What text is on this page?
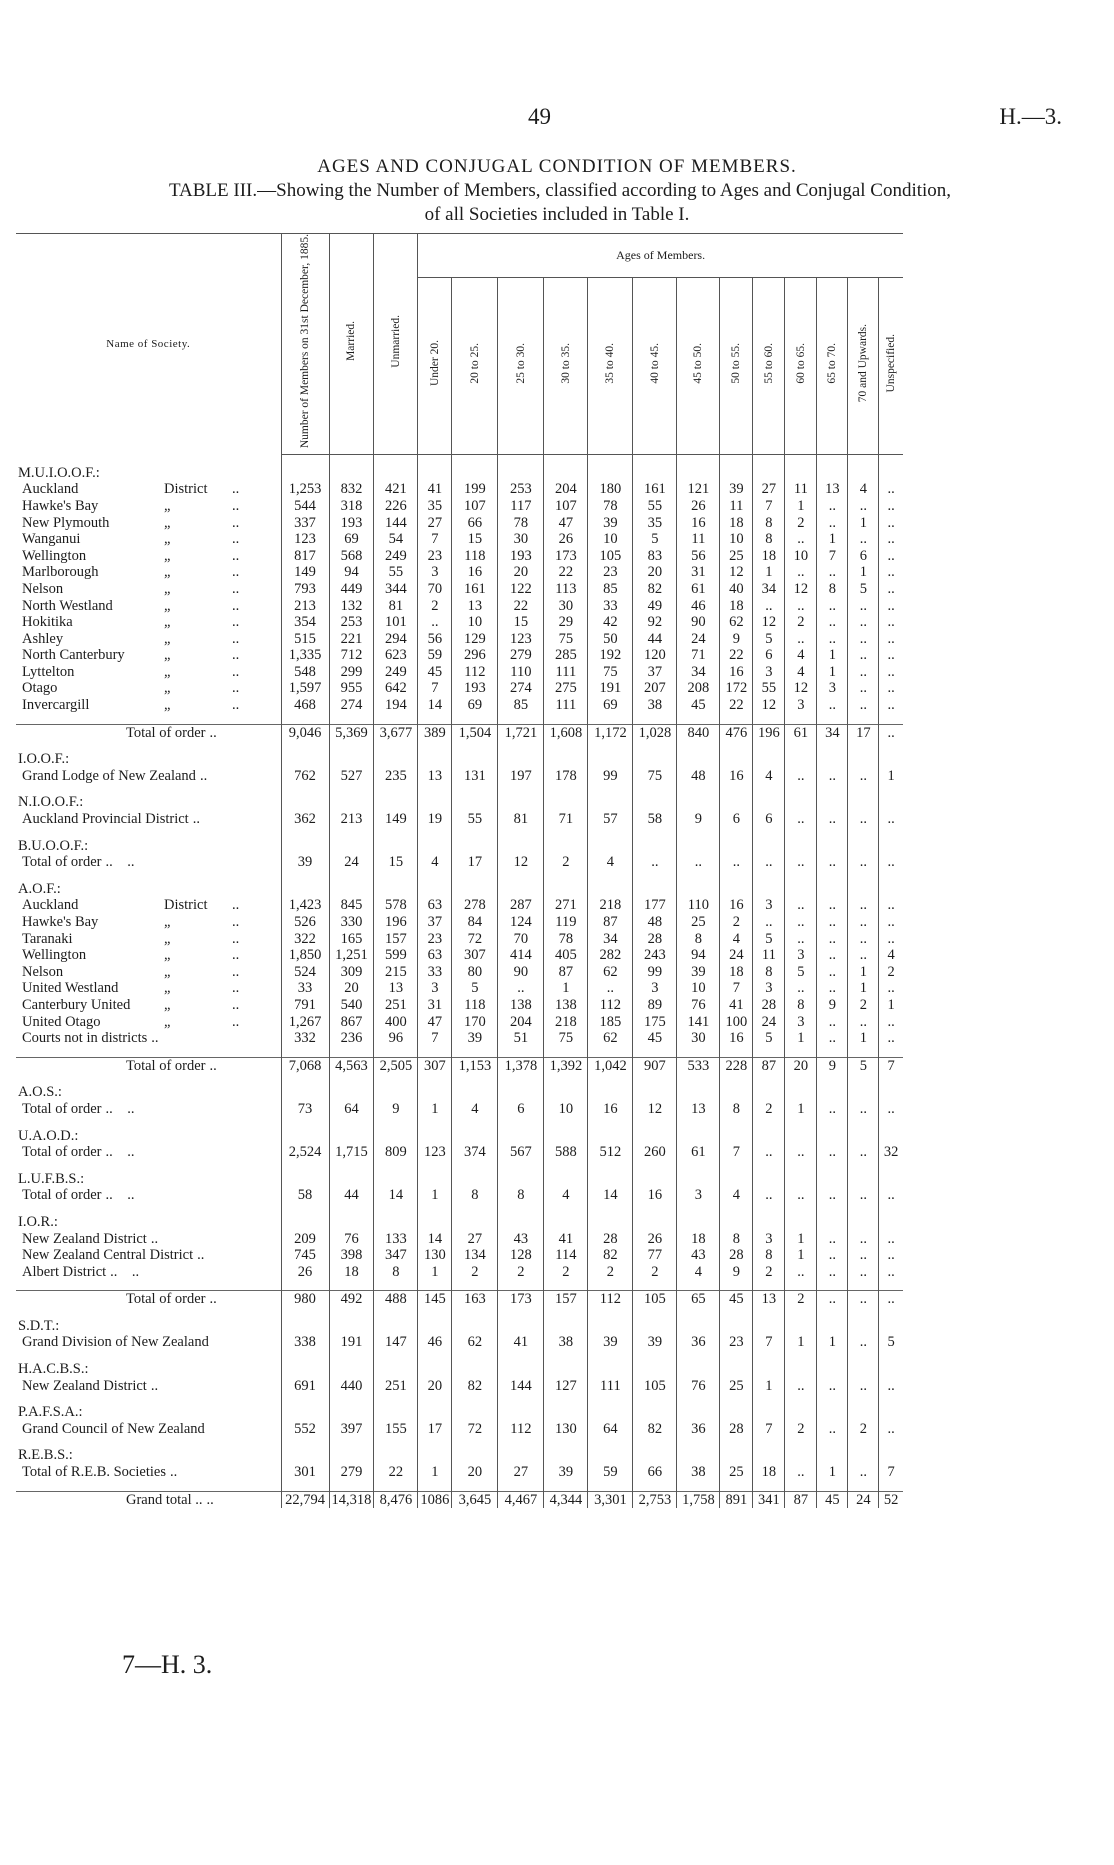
49	H.—3.
AGES AND CONJUGAL CONDITION OF MEMBERS.
TABLE III.—Showing the Number of Members, classified according to Ages and Conjugal Condition,
of all Societies included in Table I.
Name of Society.	Number of Members on 31st December, 1885.	Married.	Unmarried.	Ages of Members.												
				Under 20.	20 to 25.	25 to 30.	30 to 35.	35 to 40.	40 to 45.	45 to 50.	50 to 55.	55 to 60.	60 to 65.	65 to 70.	70 and Upwards.	Unspecified.

M.U.I.O.O.F.:																
Auckland District ..	1,253	832	421	41	199	253	204	180	161	121	39	27	11	13	4	..
Hawke's Bay „ ..	544	318	226	35	107	117	107	78	55	26	11	7	1	..	..	..
New Plymouth „ ..	337	193	144	27	66	78	47	39	35	16	18	8	2	..	1	..
Wanganui „ ..	123	69	54	7	15	30	26	10	5	11	10	8	..	1	..	..
Wellington „ ..	817	568	249	23	118	193	173	105	83	56	25	18	10	7	6	..
Marlborough „ ..	149	94	55	3	16	20	22	23	20	31	12	1	..	..	1	..
Nelson „ ..	793	449	344	70	161	122	113	85	82	61	40	34	12	8	5	..
North Westland „ ..	213	132	81	2	13	22	30	33	49	46	18	..	..	..	..	..
Hokitika „ ..	354	253	101	..	10	15	29	42	92	90	62	12	2	..	..	..
Ashley „ ..	515	221	294	56	129	123	75	50	44	24	9	5	..	..	..	..
North Canterbury „ ..	1,335	712	623	59	296	279	285	192	120	71	22	6	4	1	..	..
Lyttelton „ ..	548	299	249	45	112	110	111	75	37	34	16	3	4	1	..	..
Otago „ ..	1,597	955	642	7	193	274	275	191	207	208	172	55	12	3	..	..
Invercargill „ ..	468	274	194	14	69	85	111	69	38	45	22	12	3	..	..	..

Total of order ..	9,046	5,369	3,677	389	1,504	1,721	1,608	1,172	1,028	840	476	196	61	34	17	..

I.O.O.F.:																
Grand Lodge of New Zealand ..	762	527	235	13	131	197	178	99	75	48	16	4	..	..	..	1

N.I.O.O.F.:																
Auckland Provincial District ..	362	213	149	19	55	81	71	57	58	9	6	6	..	..	..	..

B.U.O.O.F.:																
Total of order ..    ..	39	24	15	4	17	12	2	4	..	..	..	..	..	..	..	..

A.O.F.:																
Auckland District ..	1,423	845	578	63	278	287	271	218	177	110	16	3	..	..	..	..
Hawke's Bay „ ..	526	330	196	37	84	124	119	87	48	25	2	..	..	..	..	..
Taranaki „ ..	322	165	157	23	72	70	78	34	28	8	4	5	..	..	..	..
Wellington „ ..	1,850	1,251	599	63	307	414	405	282	243	94	24	11	3	..	..	4
Nelson „ ..	524	309	215	33	80	90	87	62	99	39	18	8	5	..	1	2
United Westland „ ..	33	20	13	3	5	..	1	..	3	10	7	3	..	..	1	..
Canterbury United „ ..	791	540	251	31	118	138	138	112	89	76	41	28	8	9	2	1
United Otago „ ..	1,267	867	400	47	170	204	218	185	175	141	100	24	3	..	..	..
Courts not in districts ..	332	236	96	7	39	51	75	62	45	30	16	5	1	..	1	..

Total of order ..	7,068	4,563	2,505	307	1,153	1,378	1,392	1,042	907	533	228	87	20	9	5	7

A.O.S.:																
Total of order ..    ..	73	64	9	1	4	6	10	16	12	13	8	2	1	..	..	..

U.A.O.D.:																
Total of order ..    ..	2,524	1,715	809	123	374	567	588	512	260	61	7	..	..	..	..	32

L.U.F.B.S.:																
Total of order ..    ..	58	44	14	1	8	8	4	14	16	3	4	..	..	..	..	..

I.O.R.:																
New Zealand District ..	209	76	133	14	27	43	41	28	26	18	8	3	1	..	..	..
New Zealand Central District ..	745	398	347	130	134	128	114	82	77	43	28	8	1	..	..	..
Albert District ..    ..	26	18	8	1	2	2	2	2	2	4	9	2	..	..	..	..

Total of order ..	980	492	488	145	163	173	157	112	105	65	45	13	2	..	..	..

S.D.T.:																
Grand Division of New Zealand	338	191	147	46	62	41	38	39	39	36	23	7	1	1	..	5

H.A.C.B.S.:																
New Zealand District ..	691	440	251	20	82	144	127	111	105	76	25	1	..	..	..	..

P.A.F.S.A.:																
Grand Council of New Zealand	552	397	155	17	72	112	130	64	82	36	28	7	2	..	2	..

R.E.B.S.:																
Total of R.E.B. Societies ..	301	279	22	1	20	27	39	59	66	38	25	18	..	1	..	7

Grand total .. ..	22,794	14,318	8,476	1086	3,645	4,467	4,344	3,301	2,753	1,758	891	341	87	45	24	52
7—H. 3.
